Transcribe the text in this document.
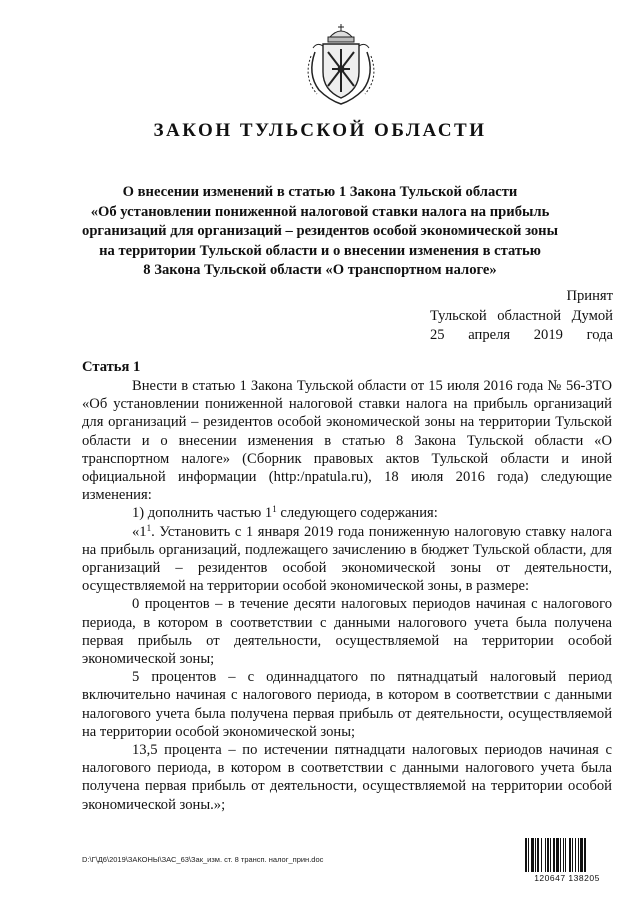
ЗАКОН ТУЛЬСКОЙ ОБЛАСТИ
О внесении изменений в статью 1 Закона Тульской области
«Об установлении пониженной налоговой ставки налога на прибыль
организаций для организаций – резидентов особой экономической зоны
на территории Тульской области и о внесении изменения в статью
8 Закона Тульской области «О транспортном налоге»
Принят
Тульской областной Думой
25 апреля 2019 года
Статья 1

Внести в статью 1 Закона Тульской области от 15 июля 2016 года № 56-ЗТО «Об установлении пониженной налоговой ставки налога на прибыль организаций для организаций – резидентов особой экономической зоны на территории Тульской области и о внесении изменения в статью 8 Закона Тульской области «О транспортном налоге» (Сборник правовых актов Тульской области и иной официальной информации (http:/npatula.ru), 18 июля 2016 года) следующие изменения:

1) дополнить частью $1^1$ следующего содержания:

«$1^1$. Установить с 1 января 2019 года пониженную налоговую ставку налога на прибыль организаций, подлежащего зачислению в бюджет Тульской области, для организаций – резидентов особой экономической зоны от деятельности, осуществляемой на территории особой экономической зоны, в размере:

0 процентов – в течение десяти налоговых периодов начиная с налогового периода, в котором в соответствии с данными налогового учета была получена первая прибыль от деятельности, осуществляемой на территории особой экономической зоны;

5 процентов – с одиннадцатого по пятнадцатый налоговый период включительно начиная с налогового периода, в котором в соответствии с данными налогового учета была получена первая прибыль от деятельности, осуществляемой на территории особой экономической зоны;

13,5 процента – по истечении пятнадцати налоговых периодов начиная с налогового периода, в котором в соответствии с данными налогового учета была получена первая прибыль от деятельности, осуществляемой на территории особой экономической зоны.»;

D:\Г\Д6\2019\ЗАКОНЫ\ЗАС_63\Зак_изм. ст. 8 трансп. налог_прин.doc
120647 138205
